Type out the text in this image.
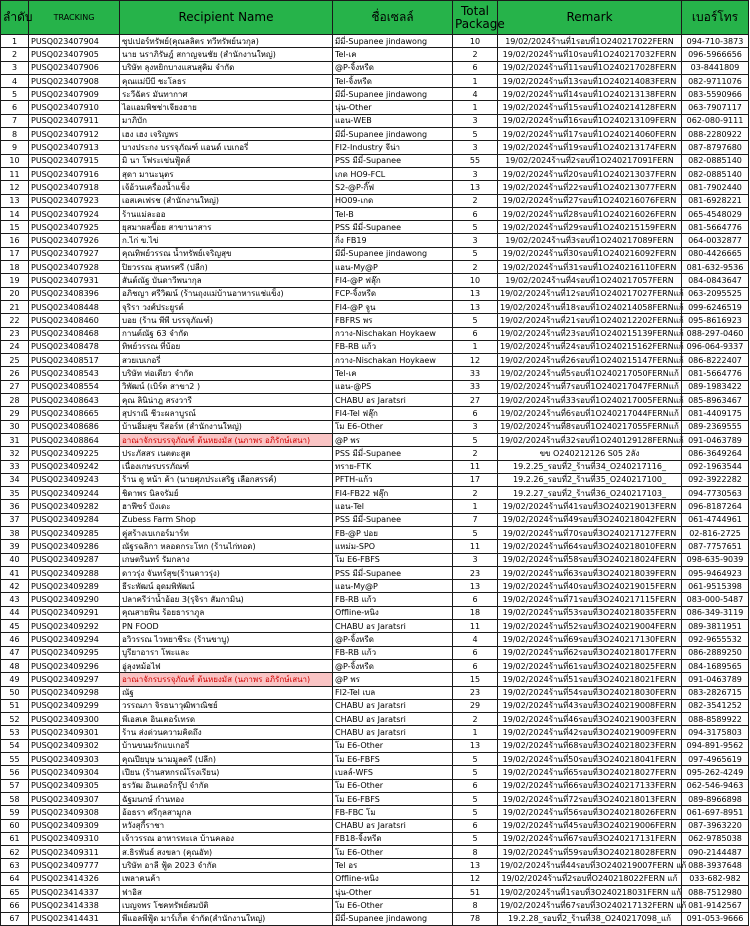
ลำดับ	TRACKING	Recipient Name	ชื่อเซลล์	Total
Package	Remark	เบอร์โทร
1	PUSQ023407904	ซุปเปอร์ทรัพย์(คุณลลิตร ทวีทรัพย์นวกุล)	มีมี่-Supanee jindawong	10	19/02/2024ร้านที่1รอบที่1O240217022FERN	094-710-3873
2	PUSQ023407905	นาย นราภิรัษฎ์ สกาญจนชัย (สำนักงานใหญ่)	Tel-เค	2	19/02/2024ร้านที่10รอบที่1O240217032FERN	096-5966656
3	PUSQ023407906	บริษัท ลุงหยิกบางแสนสุคิม จำกัด	@P-จิ้งหรีด	6	19/02/2024ร้านที่11รอบที่1O240217028FERN	03-8441809
4	PUSQ023407908	คุณแม่บีบี ชะโลธร	Tel-จิ้งหรีด	1	19/02/2024ร้านที่13รอบที่1O240214083FERN	082-9711076
5	PUSQ023407909	ระวีฉัตร มันทากาศ	มีมี่-Supanee jindawong	4	19/02/2024ร้านที่14รอบที่1O240213138FERN	083-5590966
6	PUSQ023407910	ไอแอมพิชช่าเจียงฮาย	นุ่น-Other	1	19/02/2024ร้านที่15รอบที่1O240214128FERN	063-7907117
7	PUSQ023407911	มาภิบัก	แอน-WEB	3	19/02/2024ร้านที่16รอบที่1O240213109FERN	062-080-9111
8	PUSQ023407912	เฮง เฮง เจริญพร	มีมี่-Supanee jindawong	5	19/02/2024ร้านที่17รอบที่1O240214060FERN	088-2280922
9	PUSQ023407913	บางประกง บรรจุภัณฑ์ แอนด์ เบเกอรี่	FI2-Industry จีน่า	3	19/02/2024ร้านที่19รอบที่1O240213174FERN	087-8797680
10	PUSQ023407915	มิ นา โฟระเข่นฟู้ดส์	PSS มีมี่-Supanee	55	19/02/2024ร้านที่2รอบที่1O240217091FERN	082-0885140
11	PUSQ023407916	สุดา มานะนุตร	เกด HO9-FCL	3	19/02/2024ร้านที่20รอบที่1O240213037FERN	082-0885140
12	PUSQ023407918	เจ้อ้วนเครื่องน้ำแข็ง	S2-@P-กิ๊ฟ	13	19/02/2024ร้านที่22รอบที่1O240213077FERN	081-7902440
13	PUSQ023407923	เอสเคเฟรช (สำนักงานใหญ่)	HO09-เกด	2	19/02/2024ร้านที่27รอบที่1O240216076FERN	081-6928221
14	PUSQ023407924	ร้านแม่ละออ	Tel-B	6	19/02/2024ร้านที่28รอบที่1O240216026FERN	065-4548029
15	PUSQ023407925	ยุสมาผลขี้อย สาขานาสาร	PSS มีมี่-Supanee	5	19/02/2024ร้านที่29รอบที่1O240215159FERN	081-5664776
16	PUSQ023407926	ก.ไก่ ข.ไข่	กิ่ง FB19	3	19/02/2024ร้านที่3รอบที่1O240217089FERN	064-0032877
17	PUSQ023407927	คุณทิพย์วรรณ น้ำทรัพย์เจริญสุข	มีมี่-Supanee jindawong	5	19/02/2024ร้านที่30รอบที่1O240216092FERN	080-4426665
18	PUSQ023407928	ปิยวรรณ สุนทรศรี (ปลีก)	แอน-My@P	2	19/02/2024ร้านที่31รอบที่1O240216110FERN	081-632-9536
19	PUSQ023407931	สันต์ณัฐ บันดาวีพนากุล	FI4-@P ฟลุ๊ก	10	19/02/2024ร้านที่4รอบที่1O240217057FERN	084-0843647
20	PUSQ023408396	อภิชญา ศรีวิฒน์ (ร้านถุงแม่บ้านอาหารแช่แข็ง)	FCP-จิ้งหรีด	13	19/02/2024ร้านที่12รอบที่1O240217027FERNแก้	063-2095525
21	PUSQ023408448	จุริรา วงศ์ประยูรต์	FI4-@P จูน	13	19/02/2024ร้านที่18รอบที่1O240214058FERNแก้	099-6246519
22	PUSQ023408460	บอย (ร้าน พีพี บรรจุภัณฑ์)	FBFRS พร	5	19/02/2024ร้านที่21รอบที่1O240212202FERNแก้	095-8616923
23	PUSQ023408468	กานต์ณัฐ 63 จำกัด	กวาง-Nischakan Hoykaew	6	19/02/2024ร้านที่23รอบที่1O240215139FERNแก้	088-297-0460
24	PUSQ023408478	ทิพย์วรรณ ที่บ้อย	FB-RB แก้ว	1	19/02/2024ร้านที่24รอบที่1O240215162FERNแก้	096-064-9337
25	PUSQ023408517	สวยเบเกอรี่	กวาง-Nischakan Hoykaew	12	19/02/2024ร้านที่26รอบที่1O240215147FERNแก้	086-8222407
26	PUSQ023408543	บริษัท ท่อเดียว จำกัด	Tel-เค	33	19/02/2024ร้านที่5รอบที่1O240217050FERNแก้	081-5664776
27	PUSQ023408554	วิพัฒน์ (เบิร์ด สาขา2 )	แอน-@PS	33	19/02/2024ร้านที่7รอบที่1O240217047FERNแก้	089-1983422
28	PUSQ023408643	คุณ ลินิน่าฎ สรงวารี	CHABU อร Jaratsri	27	19/02/2024ร้านที่33รอบที่1O240217005FERNแก้	085-8963467
29	PUSQ023408665	สุปราณี ชีวะผลาบูรณ์	FI4-Tel ฟลุ๊ก	6	19/02/2024ร้านที่6รอบที่1O240217044FERNแก้	081-4409175
30	PUSQ023408686	บ้านอิ่มสุข รีสอร์ท (สำนักงานใหญ่)	โม E6-Other	3	19/02/2024ร้านที่8รอบที่1O240217055FERNแก้	089-2369555
31	PUSQ023408864	อาณาจักรบรรจุภัณฑ์ ต้นหยงมัส (นภาพร อภิรักษ์เสนา)	@P พร	5	19/02/2024ร้านที่32รอบที่1O240129128FERNแก้	091-0463789
32	PUSQ023409225	ประภัสสร เนตตะสูต	PSS มีมี่-Supanee	2	ขข O240212126 S05 2ลัง	086-3649264
33	PUSQ023409242	เนื่องเกษรบรรภัณฑ์	ทราย-FTK	11	19.2.25_รอบที่2_ร้านที่34_O240217116_	092-1963544
34	PUSQ023409243	ร้าน ดู หน้า ค้า (นายศุภประเสริฐ เลือกสรรค์)	PFTH-แก้ว	17	19.2.26_รอบที่2_ร้านที่35_O240217100_	092-3922282
35	PUSQ023409244	ชิดาพร นิลจรัมย์	FI4-FB22 ฟลุ๊ก	2	19.2.27_รอบที่2_ร้านที่36_O240217103_	094-7730563
36	PUSQ023409282	ฮาฟีซร์ บังเดะ	แอน-Tel	1	19/02/2024ร้านที่41รอบที่3O240219013FERN	096-8187264
37	PUSQ023409284	Zubess Farm Shop	PSS มีมี่-Supanee	7	19/02/2024ร้านที่49รอบที่3O240218042FERN	061-4744961
38	PUSQ023409285	คู่สร้างเบเกอร์มาร์ท	FB-@P ปอย	5	19/02/2024ร้านที่70รอบที่3O240217127FERN	02-816-2725
39	PUSQ023409286	ณัฐรฉลิกา หลอดกระโทก (ร้านไก่ทอด)	แหม่ม-SPO	11	19/02/2024ร้านที่64รอบที่3O240218010FERN	087-7757651
40	PUSQ023409287	เกษตรินทร์ รัมกลาง	โม E6-FBFS	3	19/02/2024ร้านที่58รอบที่3O240218024FERN	098-635-9039
41	PUSQ023409288	ดาวรุ่ง จันทร์สุข(ร้านดาวรุ่ง)	PSS มีมี่-Supanee	23	19/02/2024ร้านที่63รอบที่3O240218039FERN	095-9464923
42	PUSQ023409289	ธีระพัฒน์ อุดมพิพัฒน์	แอน-My@P	13	19/02/2024ร้านที่40รอบที่3O240219015FERN	061-9515398
43	PUSQ023409290	ปลาครีว่าน้ำอ้อย 3(รุจิรา สัมกามิน)	FB-RB แก้ว	6	19/02/2024ร้านที่71รอบที่3O240217115FERN	083-000-5487
44	PUSQ023409291	คุณสายพิน ร้อยธาราภูล	Offline-หนิง	18	19/02/2024ร้านที่53รอบที่3O240218035FERN	086-349-3119
45	PUSQ023409292	PN FOOD	CHABU อร Jaratsri	11	19/02/2024ร้านที่52รอบที่3O240219004FERN	089-3811951
46	PUSQ023409294	อวิวรรณ ไวหยาชีระ (ร้านขาบู)	@P-จิ้งหรีด	4	19/02/2024ร้านที่69รอบที่3O240217130FERN	092-9655532
47	PUSQ023409295	บูรียาอารา โพะและ	FB-RB แก้ว	6	19/02/2024ร้านที่62รอบที่3O240218017FERN	086-2889250
48	PUSQ023409296	อู่ลุงหม้อไฟ	@P-จิ้งหรีด	6	19/02/2024ร้านที่61รอบที่3O240218025FERN	084-1689565
49	PUSQ023409297	อาณาจักรบรรจุภัณฑ์ ต้นหยงมัส (นภาพร อภิรักษ์เสนา)	@P พร	15	19/02/2024ร้านที่51รอบที่3O240218021FERN	091-0463789
50	PUSQ023409298	ณัฐ	FI2-Tel เบล	23	19/02/2024ร้านที่54รอบที่3O240218030FERN	083-2826715
51	PUSQ023409299	วรรณภา จิรธนาวุฒิพาณิชย์	CHABU อร Jaratsri	29	19/02/2024ร้านที่43รอบที่3O240219008FERN	082-3541252
52	PUSQ023409300	พีเอสเค อินเตอร์เทรด	CHABU อร Jaratsri	2	19/02/2024ร้านที่46รอบที่3O240219003FERN	088-8589922
53	PUSQ023409301	ร้าน ส่งด่วนความคิดถึง	CHABU อร Jaratsri	1	19/02/2024ร้านที่42รอบที่3O240219009FERN	094-3175803
54	PUSQ023409302	บ้านขนมรักแบเกอรี่	โม E6-Other	13	19/02/2024ร้านที่68รอบที่3O240218023FERN	094-891-9562
55	PUSQ023409303	คุณปียบุษ นามมูลดรี (ปลีก)	โม E6-FBFS	5	19/02/2024ร้านที่50รอบที่3O240218041FERN	097-4965619
56	PUSQ023409304	เปียน (ร้านสหกรณ์โรงเรียน)	เบลล์-WFS	5	19/02/2024ร้านที่65รอบที่3O240218027FERN	095-262-4249
57	PUSQ023409305	ธรวัฒ อินเตอร์กรุ๊ป จำกัด	โม E6-Other	6	19/02/2024ร้านที่66รอบที่3O240217133FERN	062-546-9463
58	PUSQ023409307	ฉัฐมนกษ์ กำนทอง	โม E6-FBFS	5	19/02/2024ร้านที่72รอบที่3O240218013FERN	089-8966898
59	PUSQ023409308	อ้อธรา ศรีกุลสามูกล	FB-FBC โม	5	19/02/2024ร้านที่56รอบที่3O240218026FERN	061-697-8951
60	PUSQ023409309	หวังสุกี้ราชา	CHABU อร Jaratsri	6	19/02/2024ร้านที่45รอบที่3O240219006FERN	087-3963220
61	PUSQ023409310	เจ้าวรรณ อาหารทะเล บ้านคลอง	FB18-จิ้งหรีด	5	19/02/2024ร้านที่67รอบที่3O240217131FERN	062-9785038
62	PUSQ023409311	ส.ธิรพันธ์ สงขลา (คุณอัท)	โม E6-Other	8	19/02/2024ร้านที่59รอบที่3O240218028FERN	090-2144487
63	PUSQ023409777	บริษัท อาลี ฟู้ด 2023 จำกัด	Tel อร	13	19/02/2024ร้านที่44รอบที่3O240219007FERN แก้	088-3937648
64	PUSQ023414326	เพลาคนค้า	Offline-หนิง	12	19/02/2024ร้านที่2รอบที่O240218022FERN แก้	033-682-982
65	PUSQ023414337	ฟาอิส	นุ่น-Other	51	19/02/2024ร้านที่1รอบที่3O240218031FERN แก้	088-7512980
66	PUSQ023414338	เบญจพร โชคทรัพย์สมบัติ	โม E6-Other	8	19/02/2024ร้านที่67รอบที่3O240217132FERN แก้	081-9142567
67	PUSQ023414431	พีแอลพีฟู้ด มาร์เก็ต จำกัด(สำนักงานใหญ่)	มีมี่-Supanee jindawong	78	19.2.28_รอบที่2_ร้านที่38_O240217098_แก้	091-053-9666
